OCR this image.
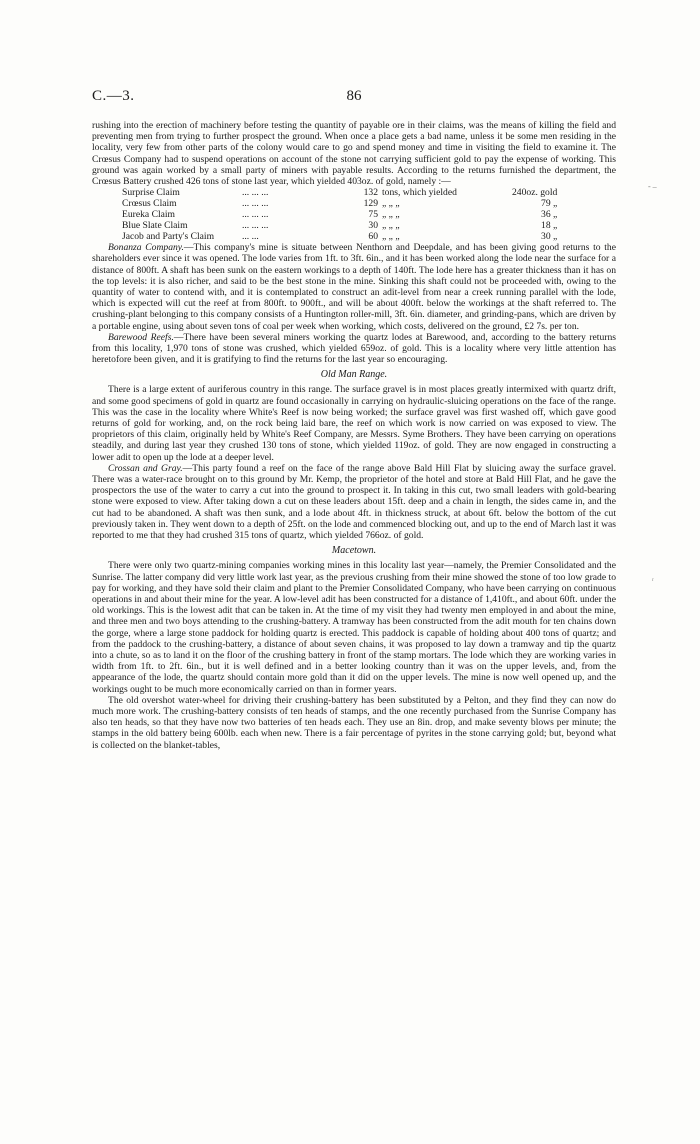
C.—3.	86
- –
ʳ

rushing into the erection of machinery before testing the quantity of payable ore in their claims, was the means of killing the field and preventing men from trying to further prospect the ground. When once a place gets a bad name, unless it be some men residing in the locality, very few from other parts of the colony would care to go and spend money and time in visiting the field to examine it. The Crœsus Company had to suspend operations on account of the stone not carrying sufficient gold to pay the expense of working. This ground was again worked by a small party of miners with payable results. According to the returns furnished the department, the Crœsus Battery crushed 426 tons of stone last year, which yielded 403oz. of gold, namely :—

Surprise Claim	... ... ...	132	tons, which yielded	240oz. gold
Crœsus Claim	... ... ...	129	„ „ „	79 „
Eureka Claim	... ... ...	75	„ „ „	36 „
Blue Slate Claim	... ... ...	30	„ „ „	18 „
Jacob and Party's Claim	... ...	60	„ „ „	30 „

Bonanza Company.—This company's mine is situate between Nenthorn and Deepdale, and has been giving good returns to the shareholders ever since it was opened. The lode varies from 1ft. to 3ft. 6in., and it has been worked along the lode near the surface for a distance of 800ft. A shaft has been sunk on the eastern workings to a depth of 140ft. The lode here has a greater thickness than it has on the top levels: it is also richer, and said to be the best stone in the mine. Sinking this shaft could not be proceeded with, owing to the quantity of water to contend with, and it is contemplated to construct an adit-level from near a creek running parallel with the lode, which is expected will cut the reef at from 800ft. to 900ft., and will be about 400ft. below the workings at the shaft referred to. The crushing-plant belonging to this company consists of a Huntington roller-mill, 3ft. 6in. diameter, and grinding-pans, which are driven by a portable engine, using about seven tons of coal per week when working, which costs, delivered on the ground, £2 7s. per ton.

Barewood Reefs.—There have been several miners working the quartz lodes at Barewood, and, according to the battery returns from this locality, 1,970 tons of stone was crushed, which yielded 659oz. of gold. This is a locality where very little attention has heretofore been given, and it is gratifying to find the returns for the last year so encouraging.

Old Man Range.

There is a large extent of auriferous country in this range. The surface gravel is in most places greatly intermixed with quartz drift, and some good specimens of gold in quartz are found occasionally in carrying on hydraulic-sluicing operations on the face of the range. This was the case in the locality where White's Reef is now being worked; the surface gravel was first washed off, which gave good returns of gold for working, and, on the rock being laid bare, the reef on which work is now carried on was exposed to view. The proprietors of this claim, originally held by White's Reef Company, are Messrs. Syme Brothers. They have been carrying on operations steadily, and during last year they crushed 130 tons of stone, which yielded 119oz. of gold. They are now engaged in constructing a lower adit to open up the lode at a deeper level.

Crossan and Gray.—This party found a reef on the face of the range above Bald Hill Flat by sluicing away the surface gravel. There was a water-race brought on to this ground by Mr. Kemp, the proprietor of the hotel and store at Bald Hill Flat, and he gave the prospectors the use of the water to carry a cut into the ground to prospect it. In taking in this cut, two small leaders with gold-bearing stone were exposed to view. After taking down a cut on these leaders about 15ft. deep and a chain in length, the sides came in, and the cut had to be abandoned. A shaft was then sunk, and a lode about 4ft. in thickness struck, at about 6ft. below the bottom of the cut previously taken in. They went down to a depth of 25ft. on the lode and commenced blocking out, and up to the end of March last it was reported to me that they had crushed 315 tons of quartz, which yielded 766oz. of gold.

Macetown.

There were only two quartz-mining companies working mines in this locality last year—namely, the Premier Consolidated and the Sunrise. The latter company did very little work last year, as the previous crushing from their mine showed the stone of too low grade to pay for working, and they have sold their claim and plant to the Premier Consolidated Company, who have been carrying on continuous operations in and about their mine for the year. A low-level adit has been constructed for a distance of 1,410ft., and about 60ft. under the old workings. This is the lowest adit that can be taken in. At the time of my visit they had twenty men employed in and about the mine, and three men and two boys attending to the crushing-battery. A tramway has been constructed from the adit mouth for ten chains down the gorge, where a large stone paddock for holding quartz is erected. This paddock is capable of holding about 400 tons of quartz; and from the paddock to the crushing-battery, a distance of about seven chains, it was proposed to lay down a tramway and tip the quartz into a chute, so as to land it on the floor of the crushing battery in front of the stamp mortars. The lode which they are working varies in width from 1ft. to 2ft. 6in., but it is well defined and in a better looking country than it was on the upper levels, and, from the appearance of the lode, the quartz should contain more gold than it did on the upper levels. The mine is now well opened up, and the workings ought to be much more economically carried on than in former years.

The old overshot water-wheel for driving their crushing-battery has been substituted by a Pelton, and they find they can now do much more work. The crushing-battery consists of ten heads of stamps, and the one recently purchased from the Sunrise Company has also ten heads, so that they have now two batteries of ten heads each. They use an 8in. drop, and make seventy blows per minute; the stamps in the old battery being 600lb. each when new. There is a fair percentage of pyrites in the stone carrying gold; but, beyond what is collected on the blanket-tables,
